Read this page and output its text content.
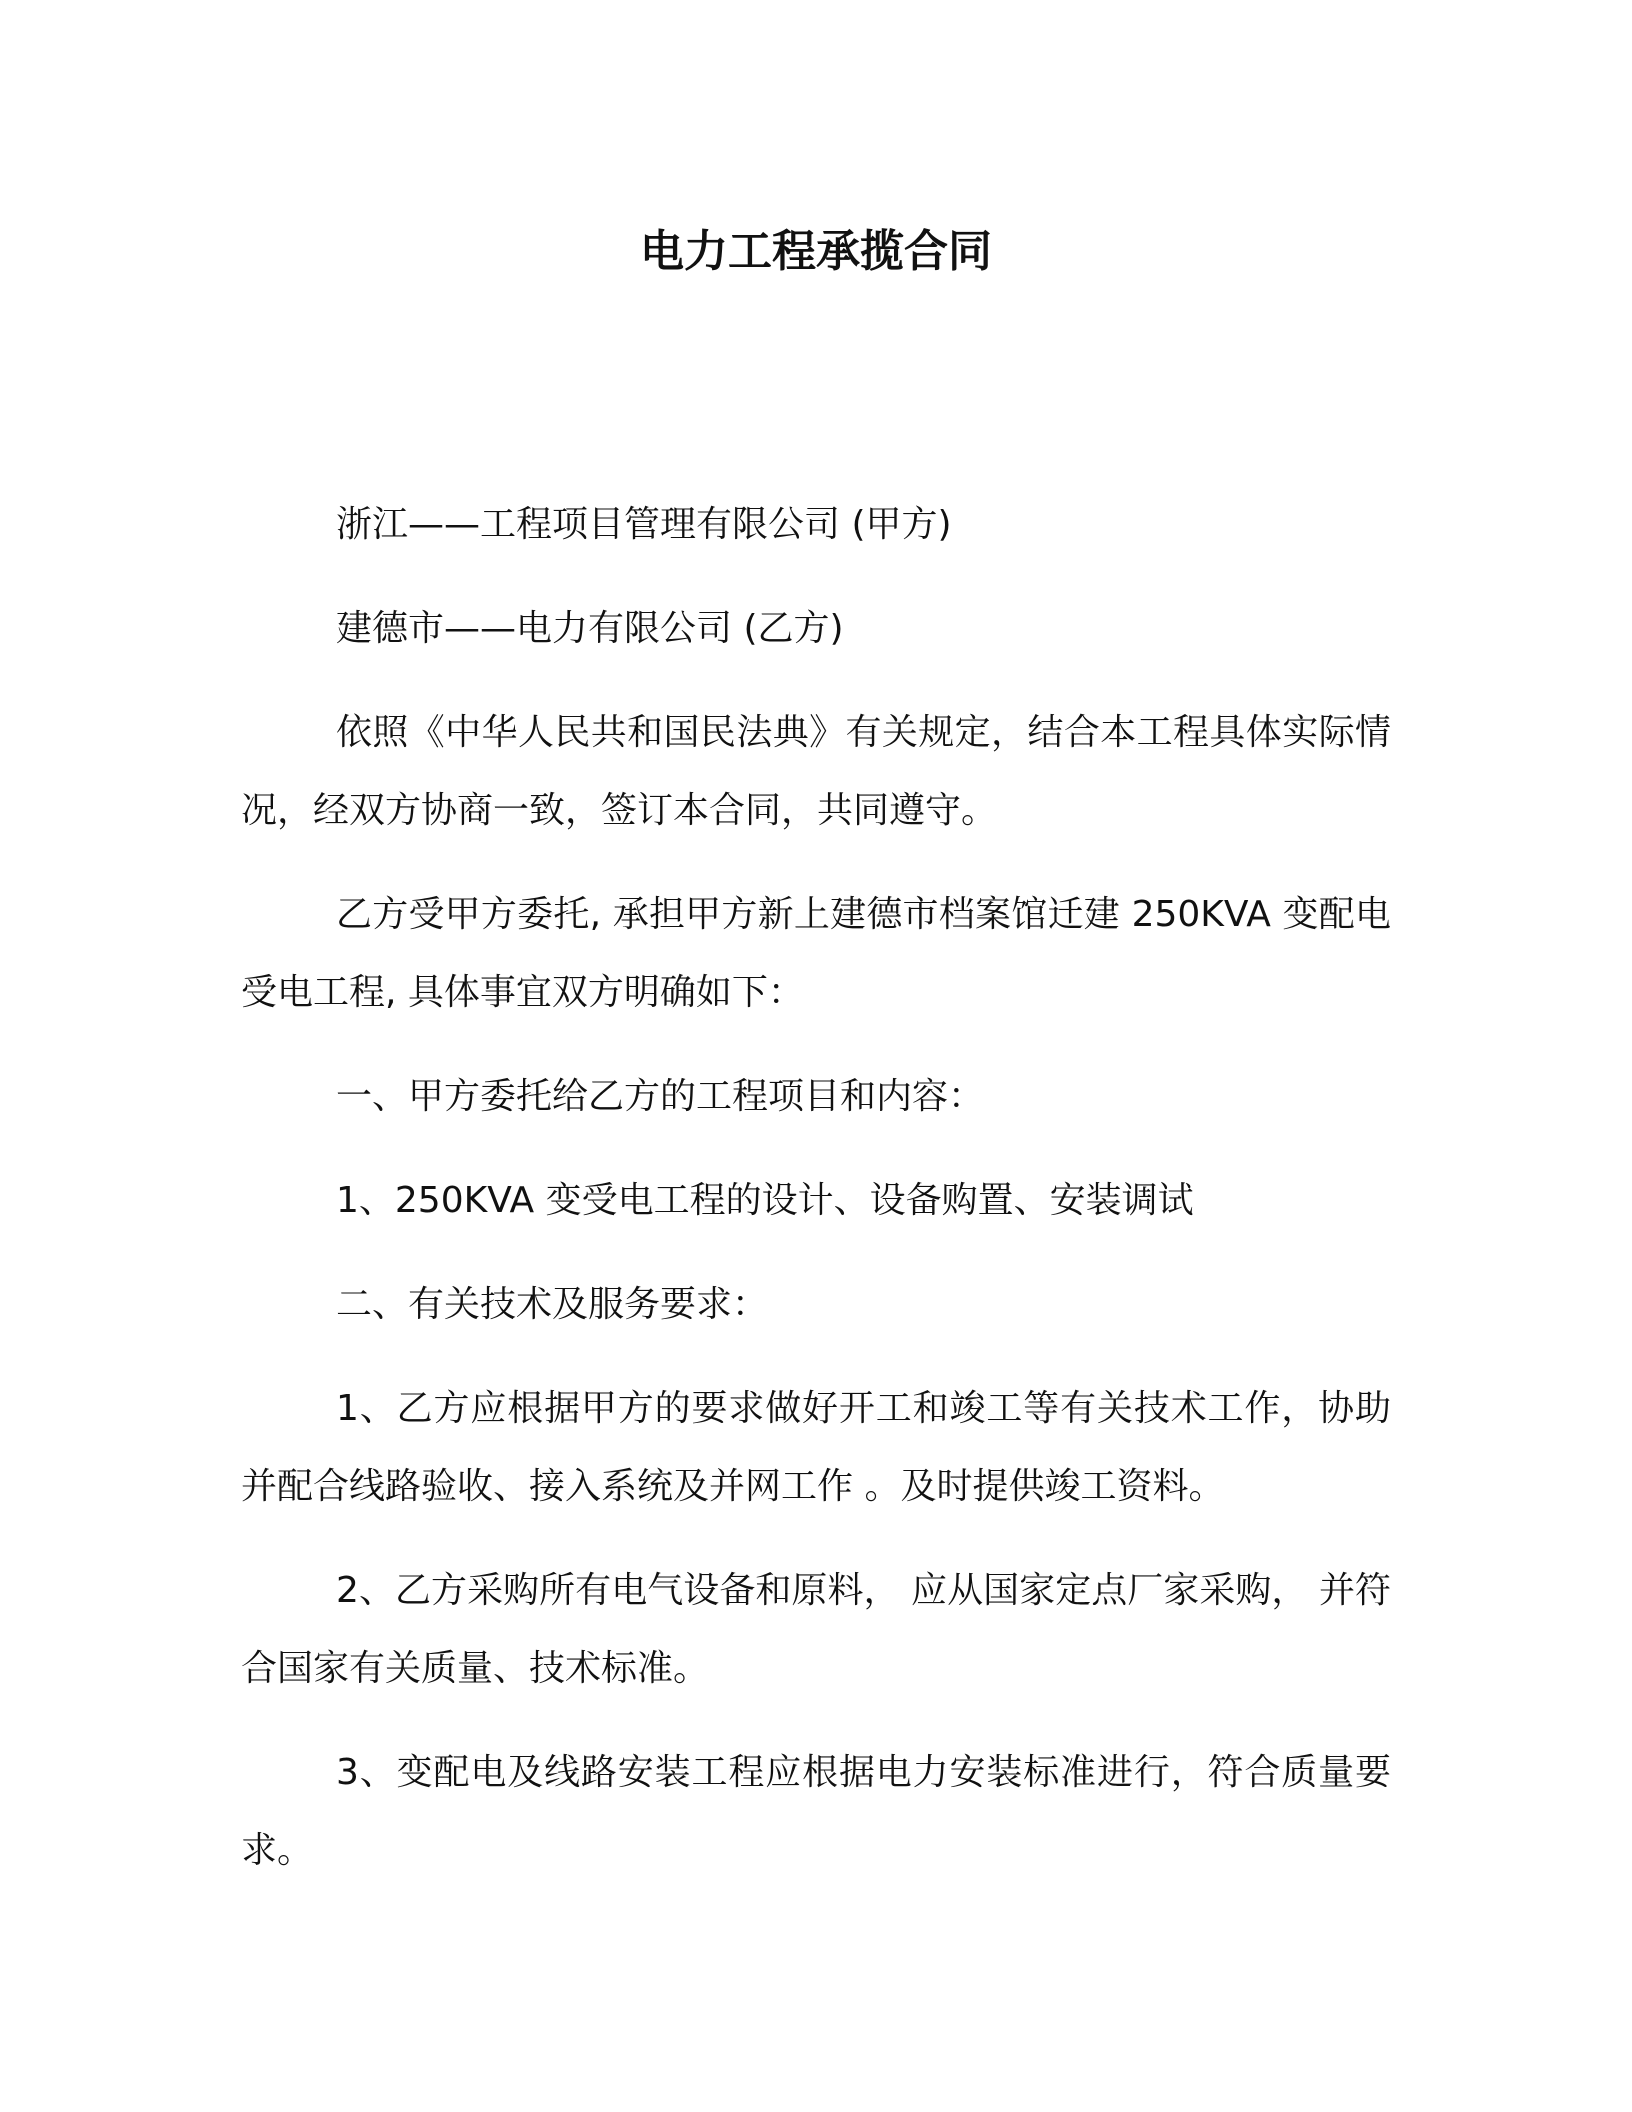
电力工程承揽合同

浙江——工程项目管理有限公司 (甲方)

建德市——电力有限公司 (乙方)

依照《中华人民共和国民法典》有关规定，结合本工程具体实际情况，经双方协商一致，签订本合同，共同遵守。

乙方受甲方委托, 承担甲方新上建德市档案馆迁建 250KVA 变配电受电工程, 具体事宜双方明确如下：

一、甲方委托给乙方的工程项目和内容：

1、250KVA 变受电工程的设计、设备购置、安装调试

二、有关技术及服务要求：

1、乙方应根据甲方的要求做好开工和竣工等有关技术工作，协助并配合线路验收、接入系统及并网工作 。及时提供竣工资料。

2、乙方采购所有电气设备和原料， 应从国家定点厂家采购， 并符合国家有关质量、技术标准。

3、变配电及线路安装工程应根据电力安装标准进行，符合质量要求。
